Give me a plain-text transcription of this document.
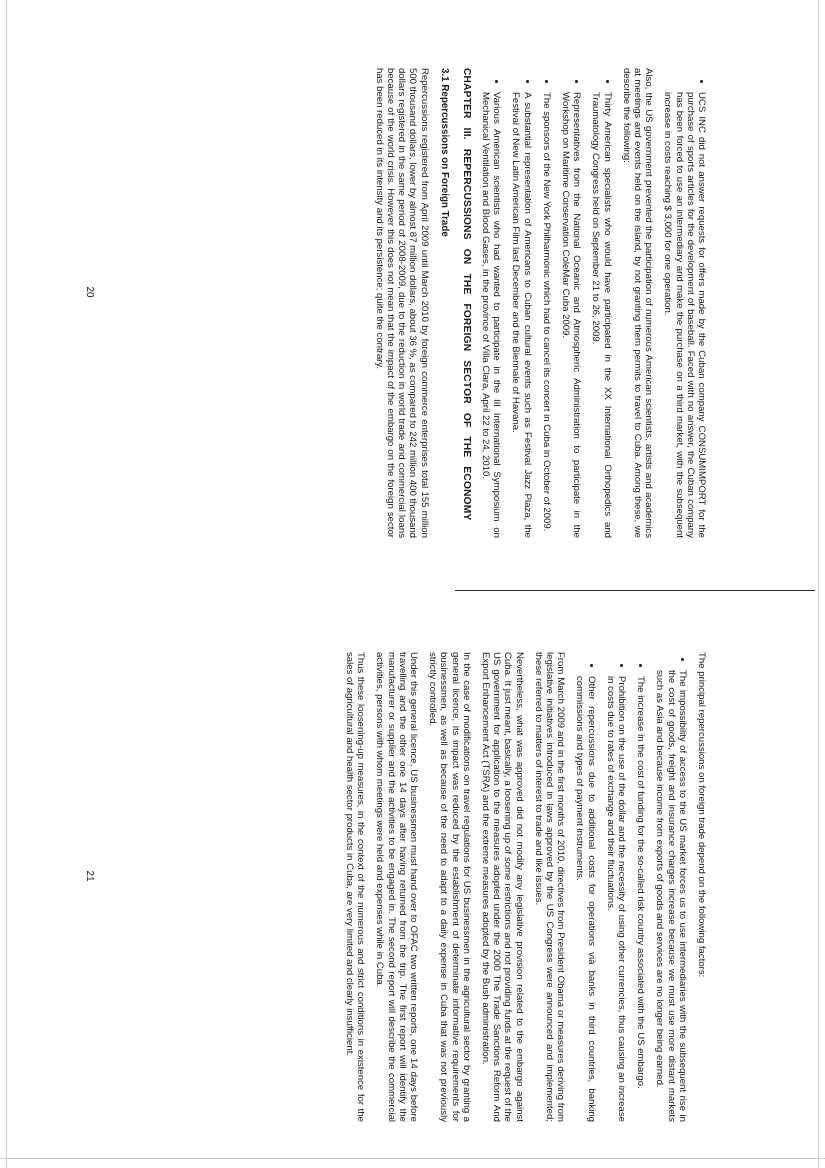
• UCS INC did not answer requests for offers made by the Cuban company CONSUMIMPORT for the purchase of sports articles for the development of baseball. Faced with no answer, the Cuban company has been forced to use an intermediary and make the purchase on a third market, with the subsequent increase in costs reaching $ 3,000 for one operation.

Also, the US government prevented the participation of numerous American scientists, artists and academics at meetings and events held on the island, by not granting them permits to travel to Cuba. Among these, we describe the following:

• Thirty American specialists who would have participated in the XX International Orthopedics and Traumatology Congress held on September 21 to 26, 2009.
• Representatives from the National Oceanic and Atmospheric Administration to participate in the Workshop on Maritime Conservation ColeMar Cuba 2009.
• The sponsors of the New York Philharmonic which had to cancel its concert in Cuba in October of 2009.
• A substantial representation of Americans to Cuban cultural events such as Festival Jazz Plaza, the Festival of New Latin American Film last December and the Biennale of Havana.
• Various American scientists who had wanted to participate in the III International Symposium on Mechanical Ventilation and Blood Gases, in the province of Villa Clara, April 22 to 24, 2010.
CHAPTER III. REPERCUSSIONS ON THE FOREIGN SECTOR OF THE ECONOMY
3.1 Repercussions on Foreign Trade

Repercussions registered from April 2009 until March 2010 by foreign commerce enterprises total 155 million 500 thousand dollars, lower by almost 87 million dollars, about 36 %, as compared to 242 million 400 thousand dollars registered in the same period of 2008-2009, due to the reduction in world trade and commercial loans because of the world crisis. However this does not mean that the impact of the embargo on the foreign sector has been reduced in its intensity and its persistence; quite the contrary.

20

The principal repercussions on foreign trade depend on the following factors:

• The impossibility of access to the US market forces us to use intermediaries with the subsequent rise in the cost of goods, freight and insurance charges increase because we must use more distant markets such as Asia and because income from exports of goods and services are no longer being earned.
• The increase in the cost of funding for the so-called risk country associated with the US embargo.
• Prohibition on the use of the dollar and the necessity of using other currencies, thus causing an increase in costs due to rates of exchange and their fluctuations.
• Other repercussions due to additional costs for operations vià banks in third countries, banking commissions and types of payment instruments.

From March 2009 and in the first months of 2010, directives from President Obama or measures deriving from legislative initiatives introduced in laws approved by the US Congress were announced and implemented; these referred to matters of interest to trade and like issues.

Nevertheless, what was approved did not modify any legislative provision related to the embargo against Cuba. It just meant, basically, a loosening up of some restrictions and not providing funds at the request of the US government for application to the measures adopted under the 2000 The Trade Sanctions Reform And Export Enhancement Act (TSRA) and the extreme measures adopted by the Bush administration.

In the case of modifications on travel regulations for US businessmen in the agricultural sector by granting a general licence, its impact was reduced by the establishment of determinate informative requirements for businessmen, as well as because of the need to adapt to a daily expense in Cuba that was not previously strictly controlled.

Under this general licence, US businessmen must hand over to OFAC two written reports, one 14 days before travelling and the other one 14 days after having returned from the trip. The first report will identify the manufacturer or supplier and the activities to be engaged in. The second report will describe the commercial activities, persons with whom meetings were held and expenses while in Cuba.

Thus these loosening-up measures, in the context of the numerous and strict conditions in existence for the sales of agricultural and health sector products in Cuba, are very limited and clearly insufficient.

21
